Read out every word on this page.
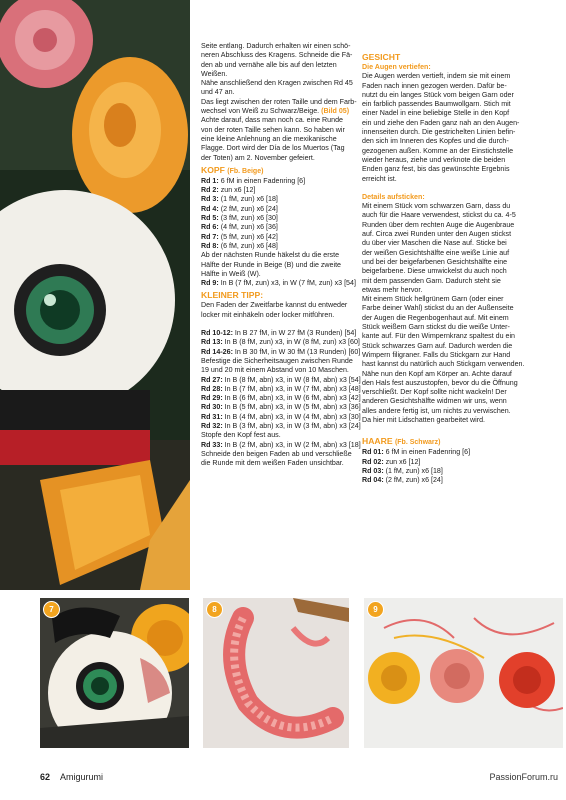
Seite entlang. Dadurch erhalten wir einen schö-

neren Abschluss des Kragens. Schneide die Fä-

den ab und vernähe alle bis auf den letzten Weißen.

Nähe anschließend den Kragen zwischen Rd 45

und 47 an.

Das liegt zwischen der roten Taille und dem Farb-

wechsel von Weiß zu Schwarz/Beige. (Bild 05)

Achte darauf, dass man noch ca. eine Runde

von der roten Taille sehen kann. So haben wir

eine kleine Anlehnung an die mexikanische

Flagge. Dort wird der Día de los Muertos (Tag

der Toten) am 2. November gefeiert.

KOPF (Fb. Beige)

Rd 1: 6 fM in einen Fadenring [6]

Rd 2: zun x6 [12]

Rd 3: (1 fM, zun) x6 [18]

Rd 4: (2 fM, zun) x6 [24]

Rd 5: (3 fM, zun) x6 [30]

Rd 6: (4 fM, zun) x6 [36]

Rd 7: (5 fM, zun) x6 [42]

Rd 8: (6 fM, zun) x6 [48]

Ab der nächsten Runde häkelst du die erste

Hälfte der Runde in Beige (B) und die zweite

Hälfte in Weiß (W).

Rd 9: In B (7 fM, zun) x3, in W (7 fM, zun) x3 [54]

KLEINER TIPP:

Den Faden der Zweitfarbe kannst du entweder

locker mit einhäkeln oder locker mitführen.

Rd 10-12: In B 27 fM, in W 27 fM (3 Runden) [54]

Rd 13: In B (8 fM, zun) x3, in W (8 fM, zun) x3 [60]

Rd 14-26: In B 30 fM, in W 30 fM (13 Runden) [60]

Befestige die Sicherheitsaugen zwischen Runde

19 und 20 mit einem Abstand von 10 Maschen.

Rd 27: In B (8 fM, abn) x3, in W (8 fM, abn) x3 [54]

Rd 28: In B (7 fM, abn) x3, in W (7 fM, abn) x3 [48]

Rd 29: In B (6 fM, abn) x3, in W (6 fM, abn) x3 [42]

Rd 30: In B (5 fM, abn) x3, in W (5 fM, abn) x3 [36]

Rd 31: In B (4 fM, abn) x3, in W (4 fM, abn) x3 [30]

Rd 32: In B (3 fM, abn) x3, in W (3 fM, abn) x3 [24]

Stopfe den Kopf fest aus.

Rd 33: In B (2 fM, abn) x3, in W (2 fM, abn) x3 [18]

Schneide den beigen Faden ab und verschließe

die Runde mit dem weißen Faden unsichtbar.

GESICHT
Die Augen vertiefen:

Die Augen werden vertieft, indem sie mit einem

Faden nach innen gezogen werden. Dafür be-

nutzt du ein langes Stück vom beigen Garn oder

ein farblich passendes Baumwollgarn. Stich mit

einer Nadel in eine beliebige Stelle in den Kopf

ein und ziehe den Faden ganz nah an den Augen-

innenseiten durch. Die gestrichelten Linien befin-

den sich im Inneren des Kopfes und die durch-

gezogenen außen. Komme an der Einstichstelle

wieder heraus, ziehe und verknote die beiden

Enden ganz fest, bis das gewünschte Ergebnis

erreicht ist.

Details aufsticken:

Mit einem Stück vom schwarzen Garn, dass du

auch für die Haare verwendest, stickst du ca. 4-5

Runden über dem rechten Auge die Augenbraue

auf. Circa zwei Runden unter den Augen stickst

du über vier Maschen die Nase auf. Sticke bei

der weißen Gesichtshälfte eine weiße Linie auf

und bei der beigefarbenen Gesichtshälfte eine

beigefarbene. Diese umwickelst du auch noch

mit dem passenden Garn. Dadurch steht sie

etwas mehr hervor.

Mit einem Stück hellgrünem Garn (oder einer

Farbe deiner Wahl) stickst du an der Außenseite

der Augen die Regenbogenhaut auf. Mit einem

Stück weißem Garn stickst du die weiße Unter-

kante auf. Für den Wimpernkranz spaltest du ein

Stück schwarzes Garn auf. Dadurch werden die

Wimpern filigraner. Falls du Stickgarn zur Hand

hast kannst du natürlich auch Stickgarn verwenden.

Nähe nun den Kopf am Körper an. Achte darauf

den Hals fest auszustopfen, bevor du die Öffnung

verschließt. Der Kopf sollte nicht wackeln! Der

anderen Gesichtshälfte widmen wir uns, wenn

alles andere fertig ist, um nichts zu verwischen.

Da hier mit Lidschatten gearbeitet wird.

HAARE (Fb. Schwarz)

Rd 01: 6 fM in einen Fadenring [6]

Rd 02: zun x6 [12]

Rd 03: (1 fM, zun) x6 [18]

Rd 04: (2 fM, zun) x6 [24]

7	8	9
62 Amigurumi	PassionForum.ru
